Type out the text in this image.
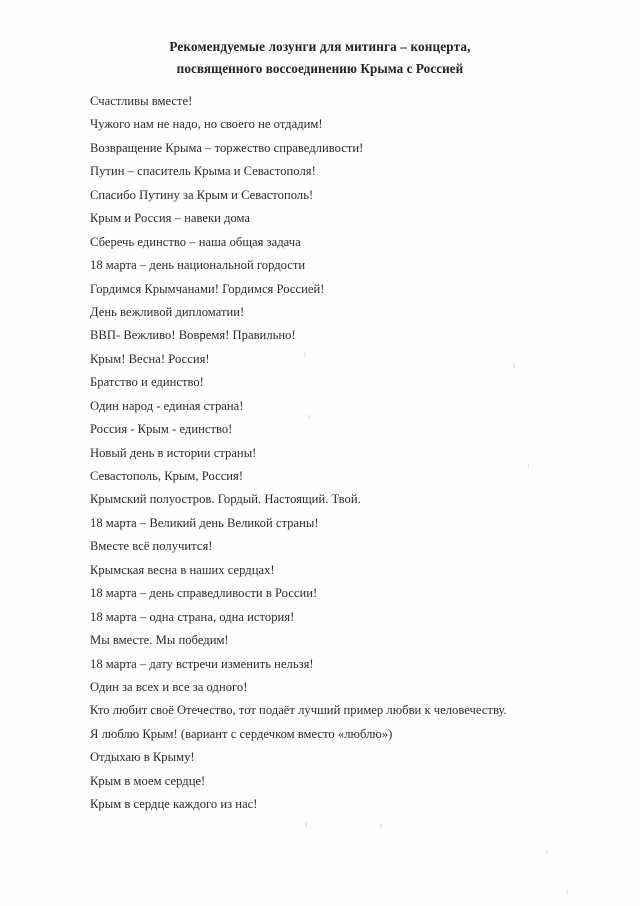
Рекомендуемые лозунги для митинга – концерта,
посвященного воссоединению Крыма с Россией
Счастливы вместе!
Чужого нам не надо, но своего не отдадим!
Возвращение Крыма – торжество справедливости!
Путин – спаситель Крыма и Севастополя!
Спасибо Путину за Крым и Севастополь!
Крым и Россия – навеки дома
Сберечь единство – наша общая задача
18 марта – день национальной гордости
Гордимся Крымчанами! Гордимся Россией!
День вежливой дипломатии!
ВВП- Вежливо! Вовремя! Правильно!
Крым! Весна! Россия!
Братство и единство!
Один народ - единая страна!
Россия - Крым - единство!
Новый день в истории страны!
Севастополь, Крым, Россия!
Крымский полуостров. Гордый. Настоящий. Твой.
18 марта – Великий день Великой страны!
Вместе всё получится!
Крымская весна в наших сердцах!
18 марта – день справедливости в России!
18 марта – одна страна, одна история!
Мы вместе. Мы победим!
18 марта – дату встречи изменить нельзя!
Один за всех и все за одного!
Кто любит своё Отечество, тот подаёт лучший пример любви к человечеству.
Я люблю Крым! (вариант с сердечком вместо «люблю»)
Отдыхаю в Крыму!
Крым в моем сердце!
Крым в сердце каждого из нас!
